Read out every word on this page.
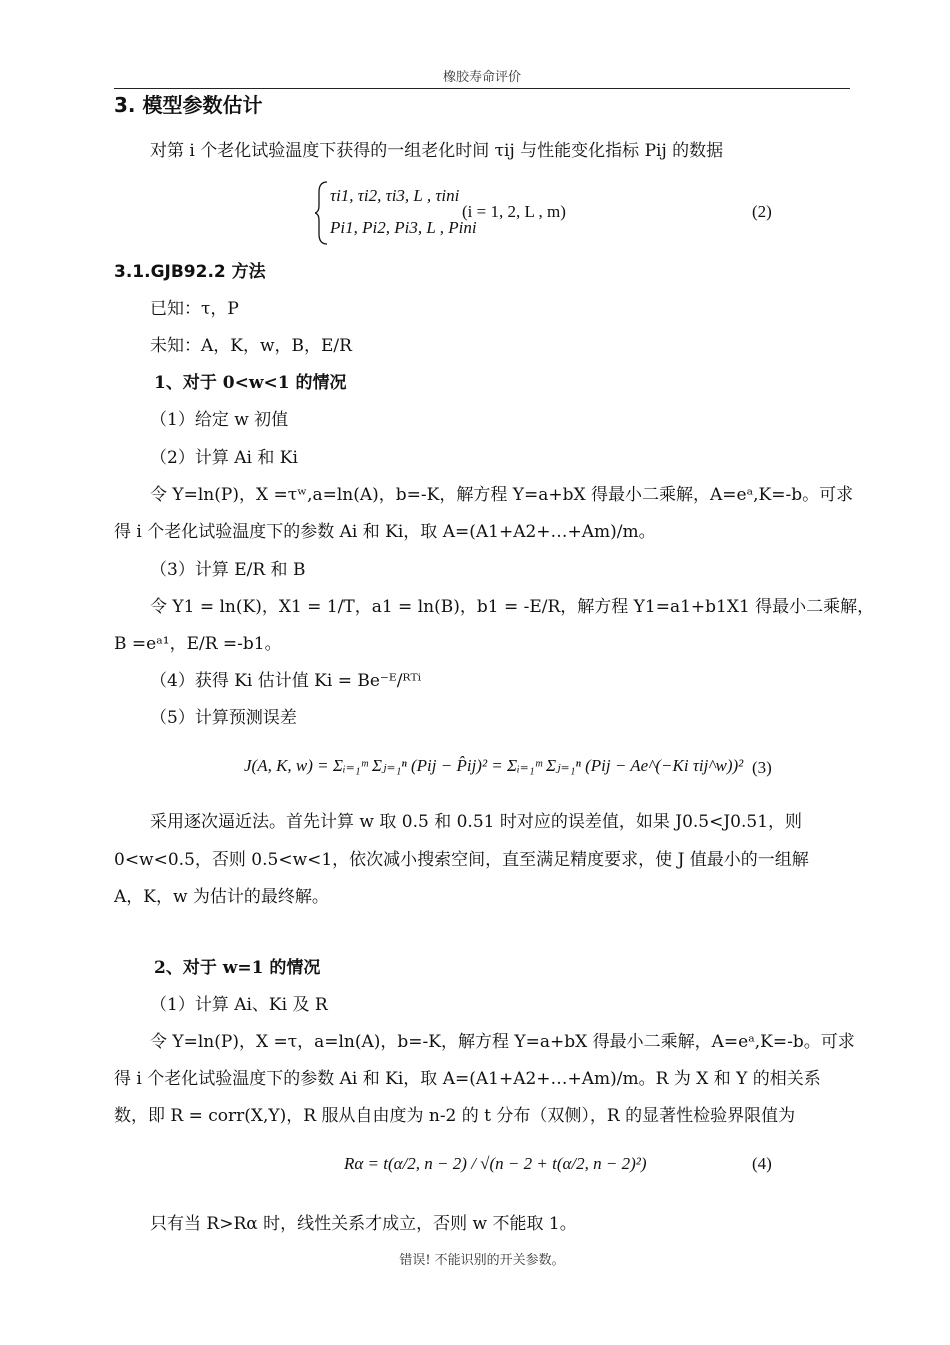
橡胶寿命评价
3. 模型参数估计
对第 i 个老化试验温度下获得的一组老化时间 τij 与性能变化指标 Pij 的数据
τi1, τi2, τi3, L , τini
Pi1, Pi2, Pi3, L , Pini
(i = 1, 2, L , m)	(2)
3.1.GJB92.2 方法
已知：τ，P
未知：A，K，w，B，E/R
1、对于 0<w<1 的情况
（1）给定 w 初值
（2）计算 Ai 和 Ki
令 Y=ln(P)，X =τʷ,a=ln(A)，b=-K，解方程 Y=a+bX 得最小二乘解，A=eᵃ,K=-b。可求
得 i 个老化试验温度下的参数 Ai 和 Ki，取 A=(A1+A2+…+Am)/m。
（3）计算 E/R 和 B
令 Y1 = ln(K)，X1 = 1/T，a1 = ln(B)，b1 = -E/R，解方程 Y1=a1+b1X1 得最小二乘解，
B =eᵃ¹，E/R =-b1。
（4）获得 Ki 估计值 Ki = Be⁻ᴱ/ᴿᵀⁱ
（5）计算预测误差
J(A, K, w) = Σᵢ₌₁ᵐ Σⱼ₌₁ⁿ (Pij − P̂ij)² = Σᵢ₌₁ᵐ Σⱼ₌₁ⁿ (Pij − Ae^(−Ki τij^w))² (3)
采用逐次逼近法。首先计算 w 取 0.5 和 0.51 时对应的误差值，如果 J0.5<J0.51，则
0<w<0.5，否则 0.5<w<1，依次减小搜索空间，直至满足精度要求，使 J 值最小的一组解
A，K，w 为估计的最终解。
2、对于 w=1 的情况
（1）计算 Ai、Ki 及 R
令 Y=ln(P)，X =τ，a=ln(A)，b=-K，解方程 Y=a+bX 得最小二乘解，A=eᵃ,K=-b。可求
得 i 个老化试验温度下的参数 Ai 和 Ki，取 A=(A1+A2+…+Am)/m。R 为 X 和 Y 的相关系
数，即 R = corr(X,Y)，R 服从自由度为 n-2 的 t 分布（双侧），R 的显著性检验界限值为
Rα = t(α/2, n − 2) / √(n − 2 + t(α/2, n − 2)²)	(4)
只有当 R>Rα 时，线性关系才成立，否则 w 不能取 1。
错误! 不能识别的开关参数。
